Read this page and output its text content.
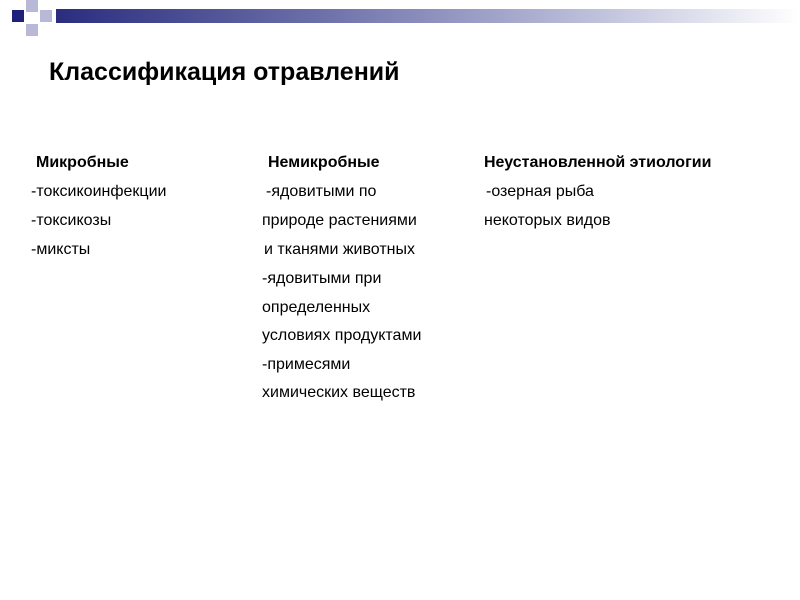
Классификация отравлений
Микробные
-токсикоинфекции
-токсикозы
-миксты
Немикробные
-ядовитыми по
природе растениями
и тканями животных
-ядовитыми при
определенных
условиях продуктами
-примесями
химических веществ
Неустановленной этиологии
-озерная рыба
некоторых видов
